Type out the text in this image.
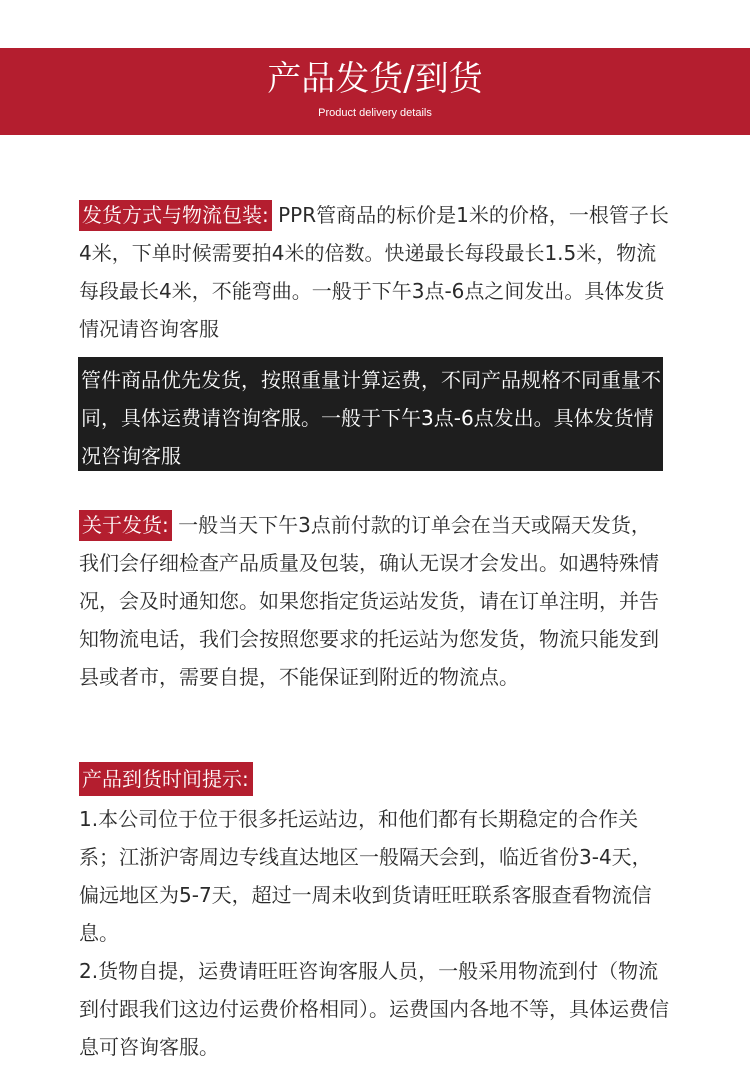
产品发货/到货
Product delivery details
发货方式与物流包装: PPR管商品的标价是1米的价格，一根管子长4米，下单时候需要拍4米的倍数。快递最长每段最长1.5米，物流每段最长4米，不能弯曲。一般于下午3点-6点之间发出。具体发货情况请咨询客服
管件商品优先发货，按照重量计算运费，不同产品规格不同重量不同，具体运费请咨询客服。一般于下午3点-6点发出。具体发货情况咨询客服
关于发货: 一般当天下午3点前付款的订单会在当天或隔天发货，我们会仔细检查产品质量及包装，确认无误才会发出。如遇特殊情况，会及时通知您。如果您指定货运站发货，请在订单注明，并告知物流电话，我们会按照您要求的托运站为您发货，物流只能发到县或者市，需要自提，不能保证到附近的物流点。
产品到货时间提示:
1.本公司位于位于很多托运站边，和他们都有长期稳定的合作关系；江浙沪寄周边专线直达地区一般隔天会到，临近省份3-4天，偏远地区为5-7天，超过一周未收到货请旺旺联系客服查看物流信息。
2.货物自提，运费请旺旺咨询客服人员，一般采用物流到付（物流到付跟我们这边付运费价格相同）。运费国内各地不等，具体运费信息可咨询客服。
